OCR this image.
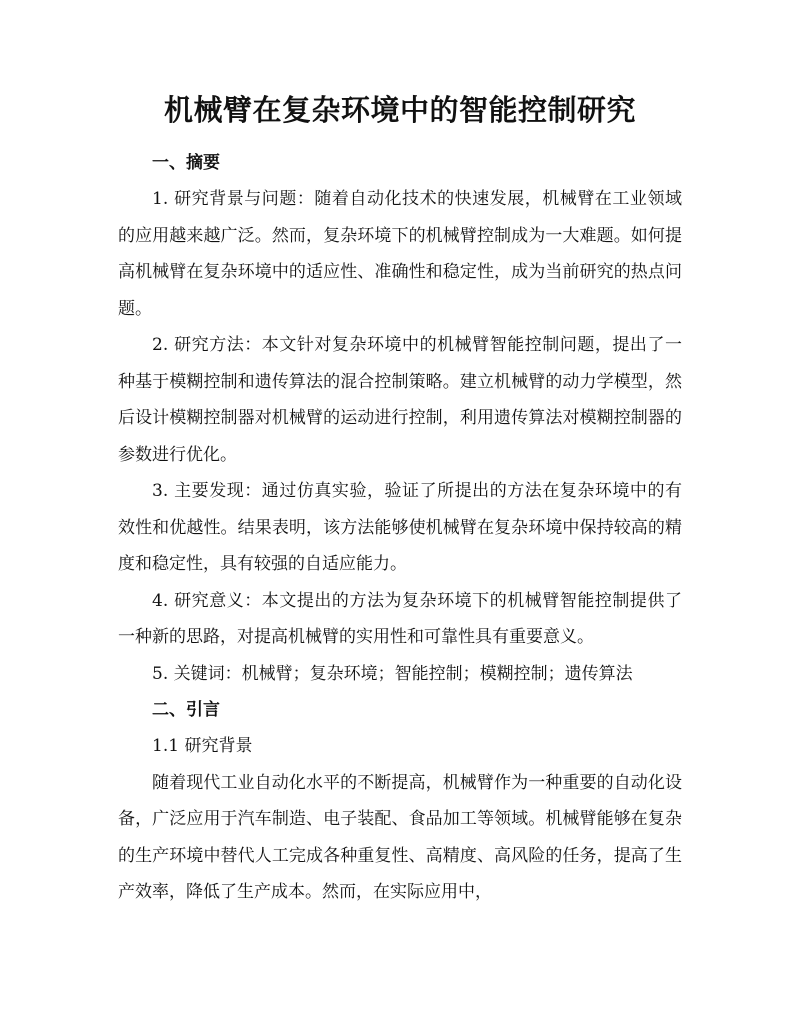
机械臂在复杂环境中的智能控制研究
一、摘要

1. 研究背景与问题：随着自动化技术的快速发展，机械臂在工业领域的应用越来越广泛。然而，复杂环境下的机械臂控制成为一大难题。如何提高机械臂在复杂环境中的适应性、准确性和稳定性，成为当前研究的热点问题。

2. 研究方法：本文针对复杂环境中的机械臂智能控制问题，提出了一种基于模糊控制和遗传算法的混合控制策略。建立机械臂的动力学模型，然后设计模糊控制器对机械臂的运动进行控制，利用遗传算法对模糊控制器的参数进行优化。

3. 主要发现：通过仿真实验，验证了所提出的方法在复杂环境中的有效性和优越性。结果表明，该方法能够使机械臂在复杂环境中保持较高的精度和稳定性，具有较强的自适应能力。

4. 研究意义：本文提出的方法为复杂环境下的机械臂智能控制提供了一种新的思路，对提高机械臂的实用性和可靠性具有重要意义。

5. 关键词：机械臂；复杂环境；智能控制；模糊控制；遗传算法

二、引言
1.1 研究背景

随着现代工业自动化水平的不断提高，机械臂作为一种重要的自动化设备，广泛应用于汽车制造、电子装配、食品加工等领域。机械臂能够在复杂的生产环境中替代人工完成各种重复性、高精度、高风险的任务，提高了生产效率，降低了生产成本。然而，在实际应用中，
